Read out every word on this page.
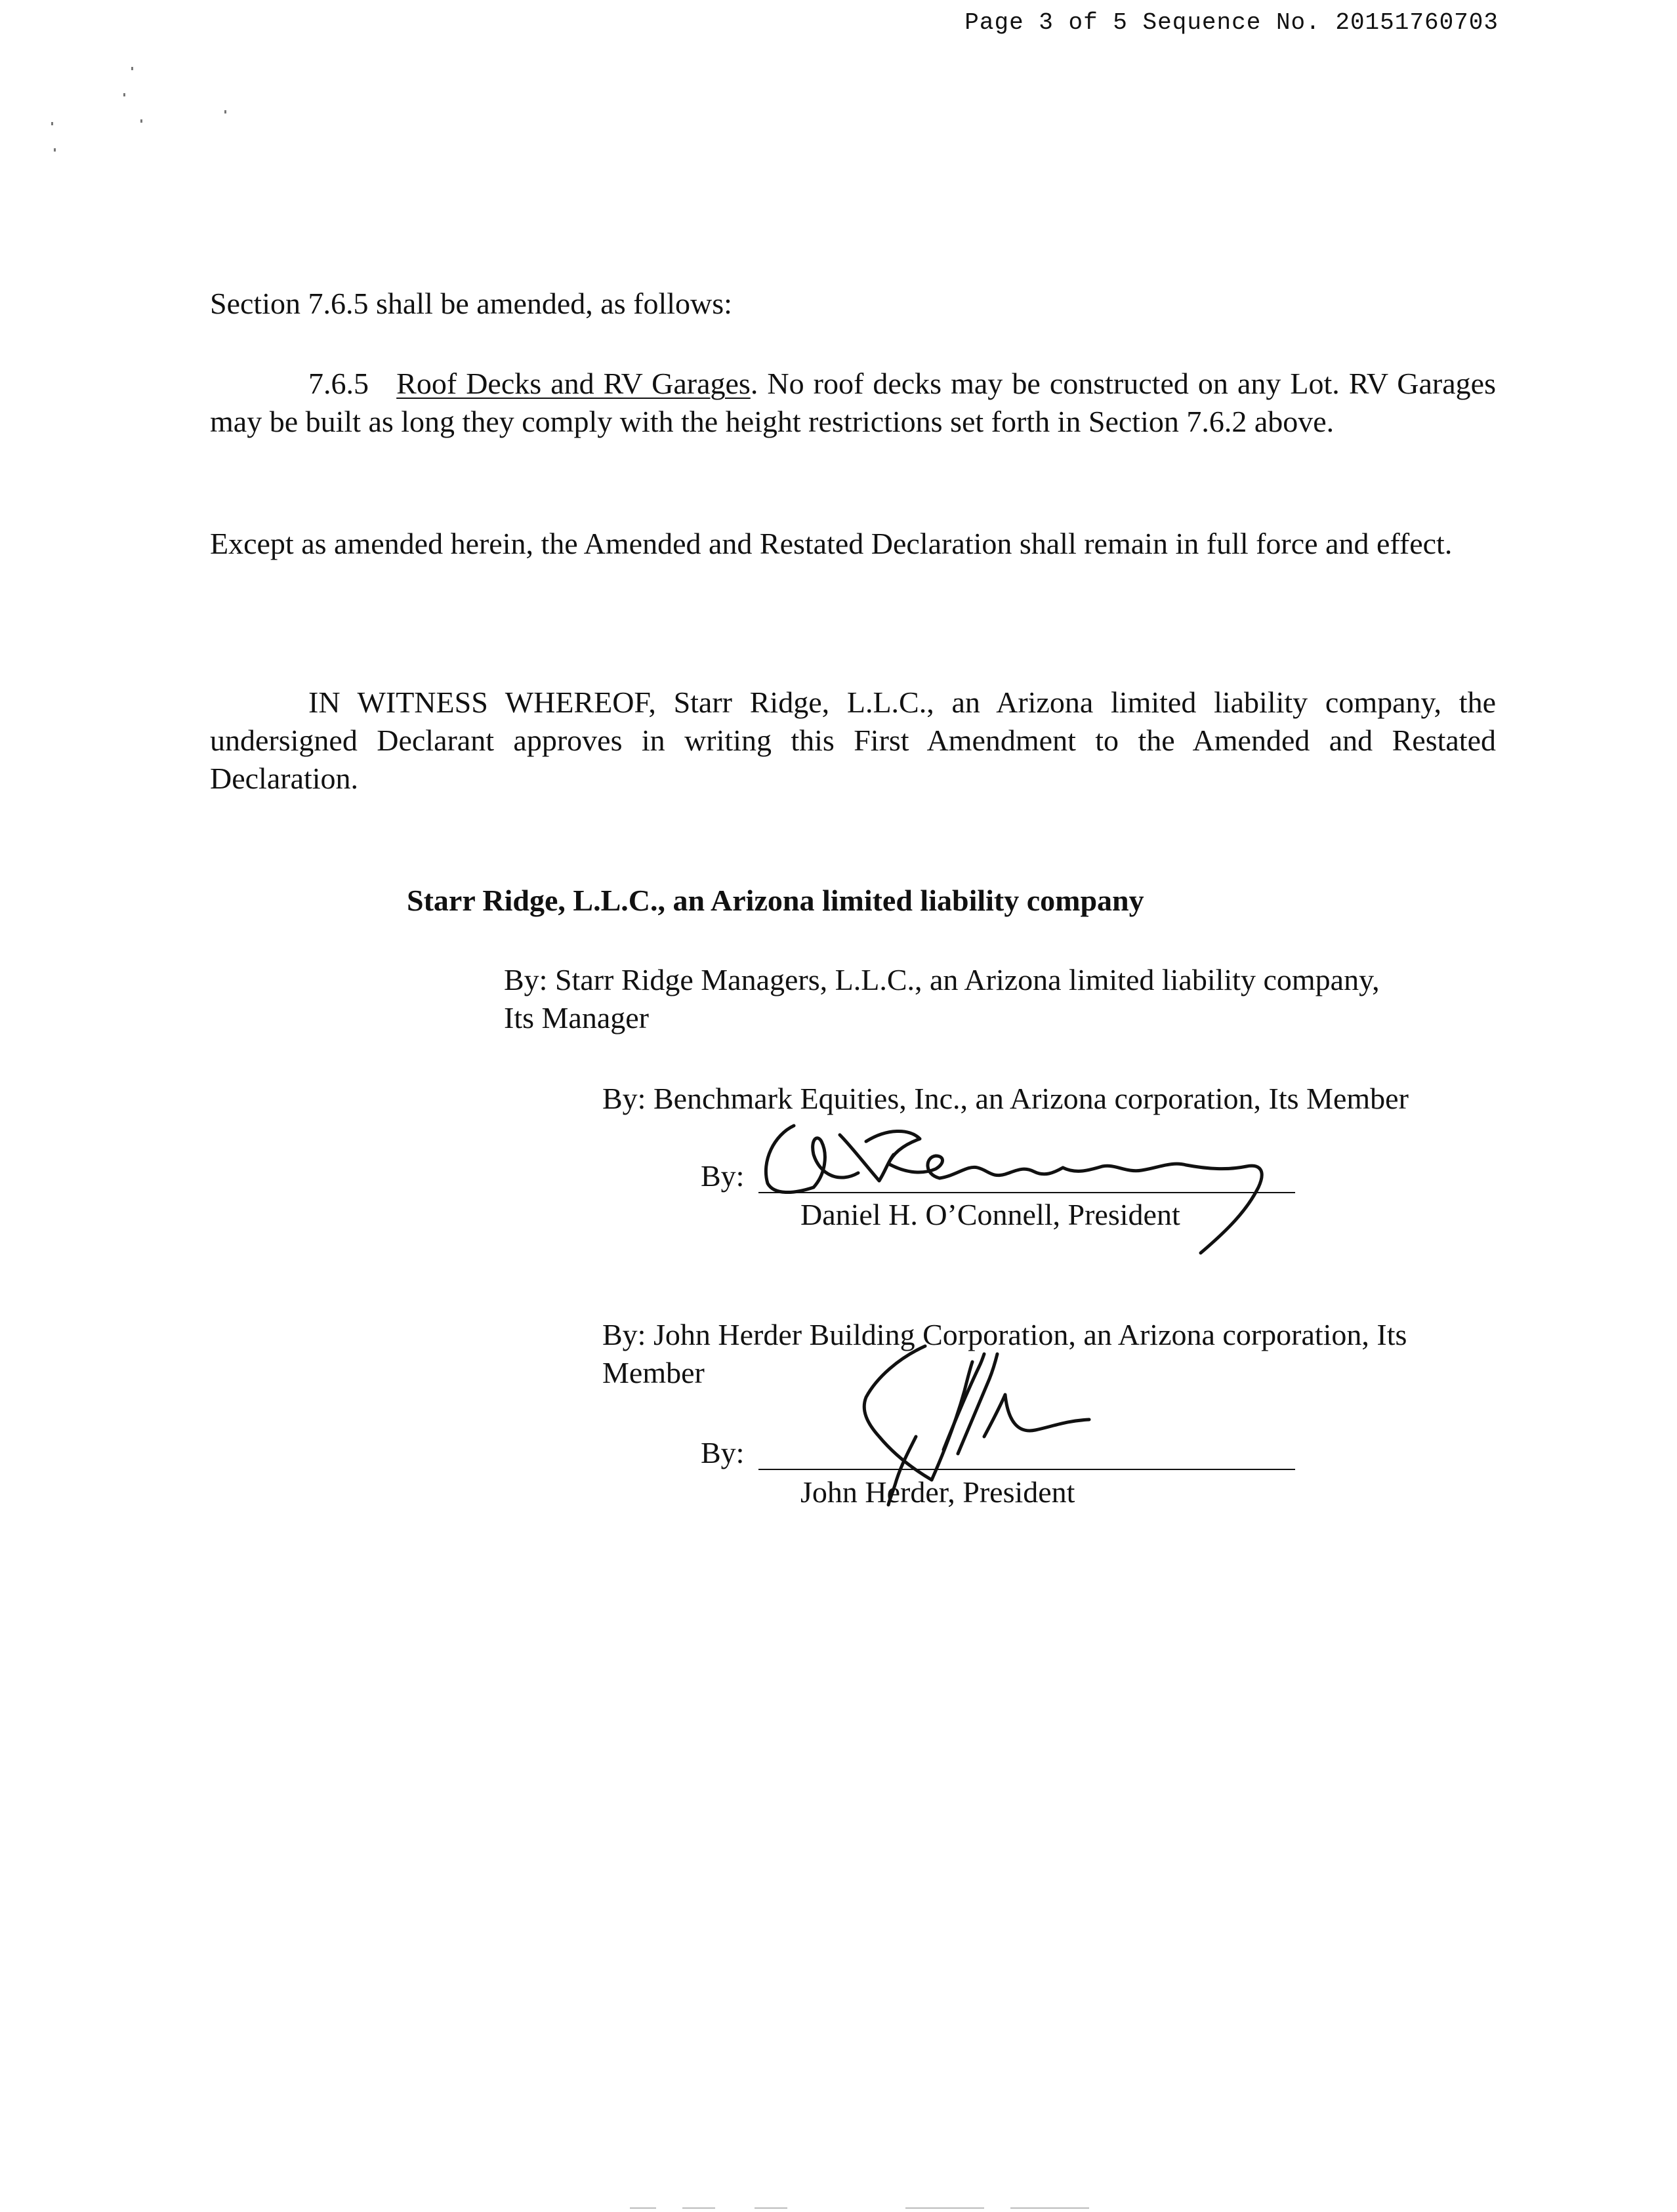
Page 3 of 5 Sequence No. 20151760703
Section 7.6.5 shall be amended, as follows:
7.6.5 Roof Decks and RV Garages. No roof decks may be constructed on any Lot. RV Garages may be built as long they comply with the height restrictions set forth in Section 7.6.2 above.
Except as amended herein, the Amended and Restated Declaration shall remain in full force and effect.
IN WITNESS WHEREOF, Starr Ridge, L.L.C., an Arizona limited liability company, the undersigned Declarant approves in writing this First Amendment to the Amended and Restated Declaration.
Starr Ridge, L.L.C., an Arizona limited liability company
By: Starr Ridge Managers, L.L.C., an Arizona limited liability company,
Its Manager
By: Benchmark Equities, Inc., an Arizona corporation, Its Member
By:
Daniel H. O’Connell, President
By: John Herder Building Corporation, an Arizona corporation, Its
Member
By:
John Herder, President
